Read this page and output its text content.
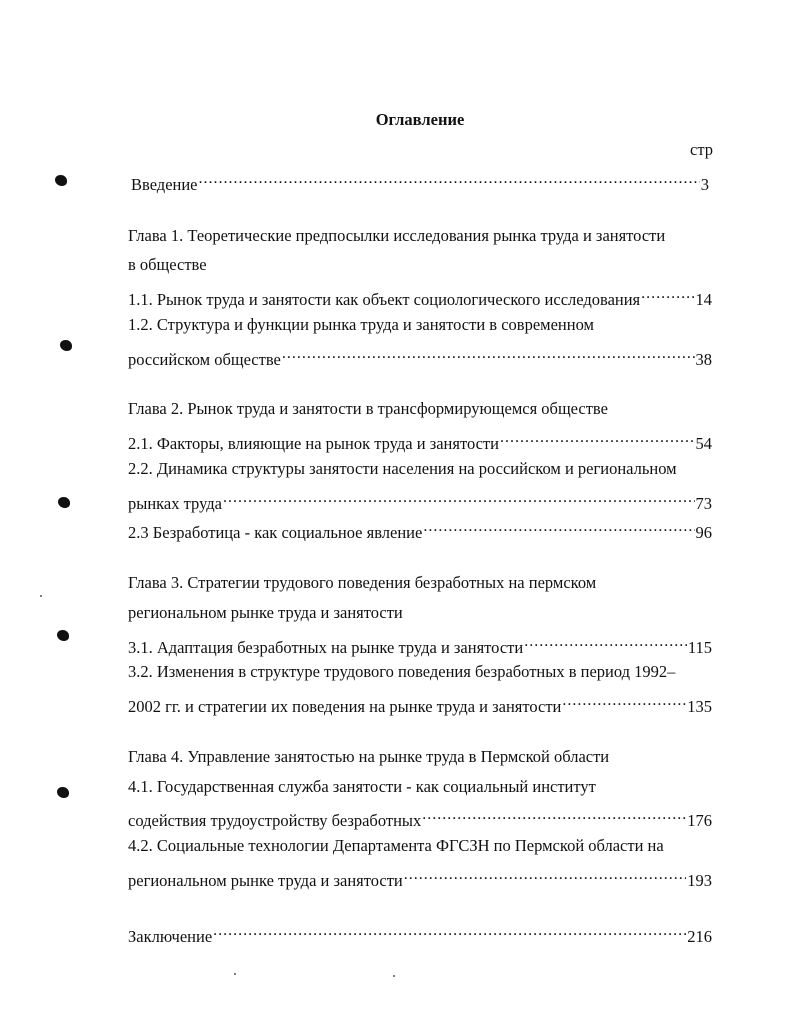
Оглавление
стр
Введение .....	3
Глава 1. Теоретические предпосылки исследования рынка труда и занятости
в обществе
1.1. Рынок труда и занятости как объект социологического исследования .....	14
1.2. Структура и функции рынка труда и занятости в современном
российском обществе .....	38
Глава 2. Рынок труда и занятости в трансформирующемся обществе
2.1. Факторы, влияющие на рынок труда и занятости .....	54
2.2. Динамика структуры занятости населения на российском и региональном
рынках труда .....	73
2.3 Безработица - как социальное явление .....	96
Глава 3. Стратегии трудового поведения безработных на пермском
региональном рынке труда и занятости
3.1. Адаптация безработных на рынке труда и занятости .....	115
3.2. Изменения в структуре трудового поведения безработных в период 1992–
2002 гг. и стратегии их поведения на рынке труда и занятости .....	135
Глава 4. Управление занятостью на рынке труда в Пермской области
4.1. Государственная служба занятости - как социальный институт
содействия трудоустройству безработных .....	176
4.2. Социальные технологии Департамента ФГСЗН по Пермской области на
региональном рынке труда и занятости .....	193
Заключение .....	216
